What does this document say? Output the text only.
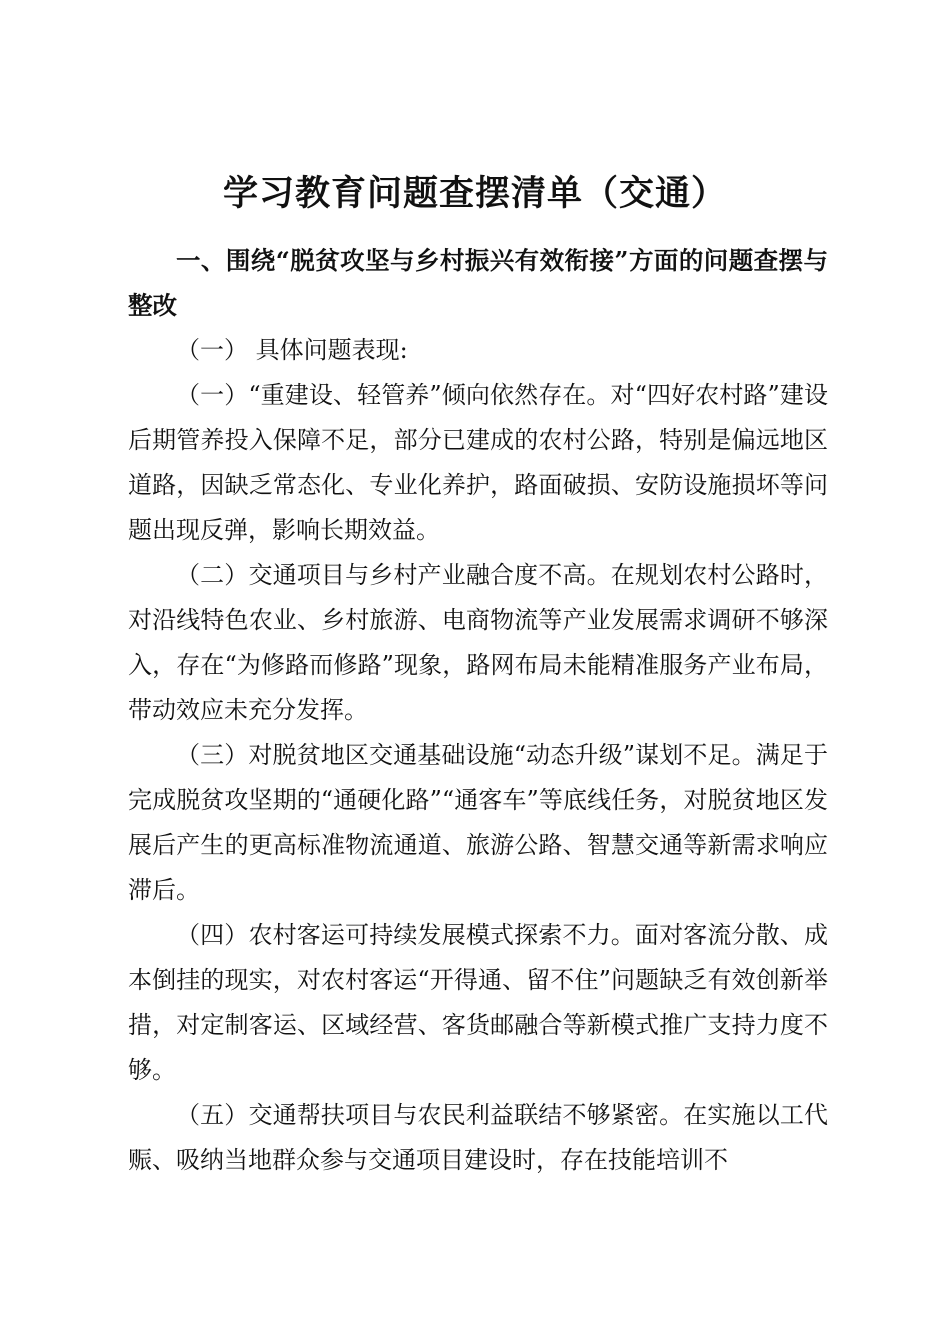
学习教育问题查摆清单（交通）

一、围绕“脱贫攻坚与乡村振兴有效衔接”方面的问题查摆与整改

（一） 具体问题表现:

（一）“重建设、轻管养”倾向依然存在。对“四好农村路”建设后期管养投入保障不足，部分已建成的农村公路，特别是偏远地区道路，因缺乏常态化、专业化养护，路面破损、安防设施损坏等问题出现反弹，影响长期效益。

（二）交通项目与乡村产业融合度不高。在规划农村公路时，对沿线特色农业、乡村旅游、电商物流等产业发展需求调研不够深入，存在“为修路而修路”现象，路网布局未能精准服务产业布局，带动效应未充分发挥。

（三）对脱贫地区交通基础设施“动态升级”谋划不足。满足于完成脱贫攻坚期的“通硬化路”“通客车”等底线任务，对脱贫地区发展后产生的更高标准物流通道、旅游公路、智慧交通等新需求响应滞后。

（四）农村客运可持续发展模式探索不力。面对客流分散、成本倒挂的现实，对农村客运“开得通、留不住”问题缺乏有效创新举措，对定制客运、区域经营、客货邮融合等新模式推广支持力度不够。

（五）交通帮扶项目与农民利益联结不够紧密。在实施以工代赈、吸纳当地群众参与交通项目建设时，存在技能培训不
